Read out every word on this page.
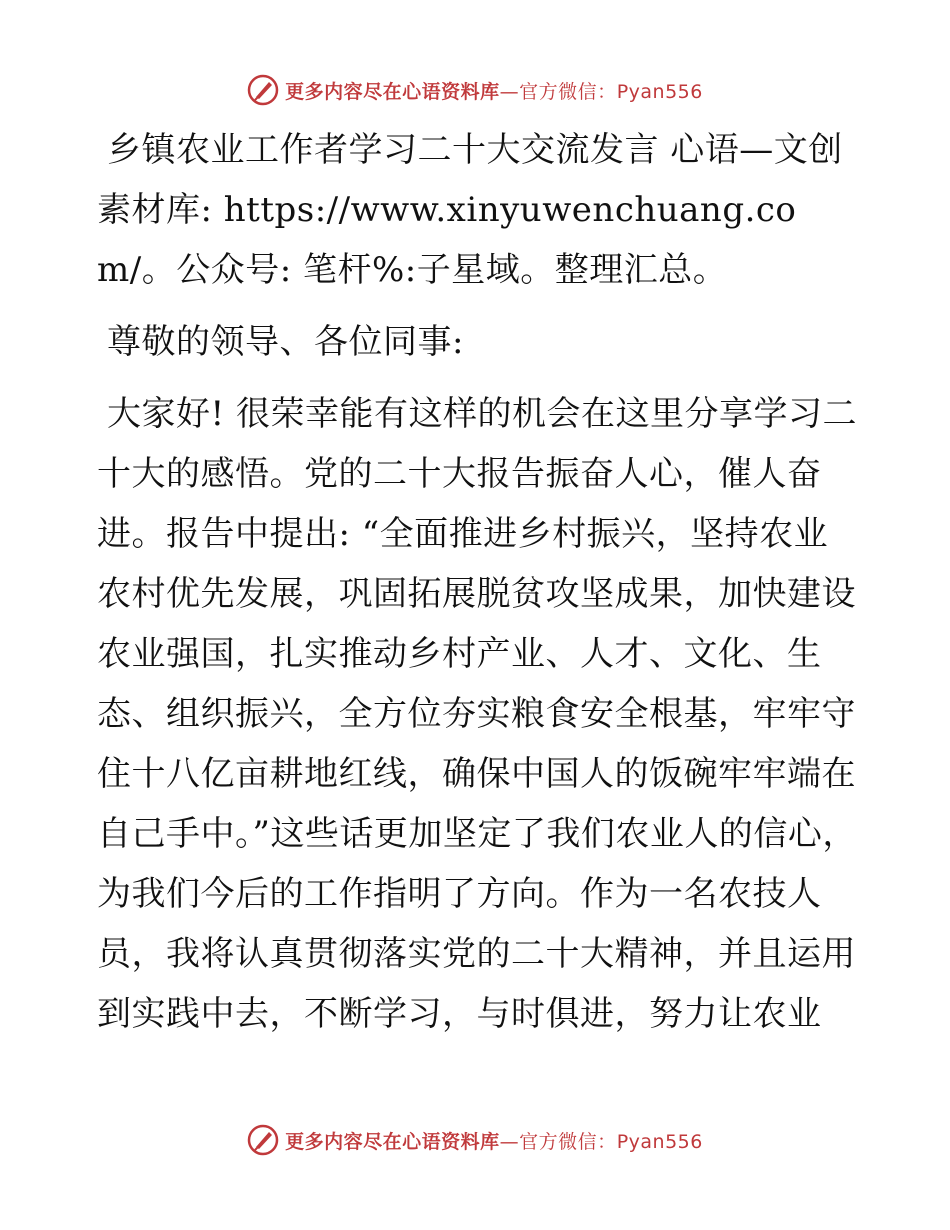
更多内容尽在心语资料库—官方微信：Pyan556

乡镇农业工作者学习二十大交流发言 心语—文创素材库: https://www.xinyuwenchuang.com/。公众号: 笔杆%:子星域。整理汇总。

尊敬的领导、各位同事:

大家好! 很荣幸能有这样的机会在这里分享学习二十大的感悟。党的二十大报告振奋人心，催人奋进。报告中提出: “全面推进乡村振兴，坚持农业农村优先发展，巩固拓展脱贫攻坚成果，加快建设农业强国，扎实推动乡村产业、人才、文化、生态、组织振兴，全方位夯实粮食安全根基，牢牢守住十八亿亩耕地红线，确保中国人的饭碗牢牢端在自己手中。”这些话更加坚定了我们农业人的信心，为我们今后的工作指明了方向。作为一名农技人员，我将认真贯彻落实党的二十大精神，并且运用到实践中去，不断学习，与时俱进，努力让农业

更多内容尽在心语资料库—官方微信：Pyan556
